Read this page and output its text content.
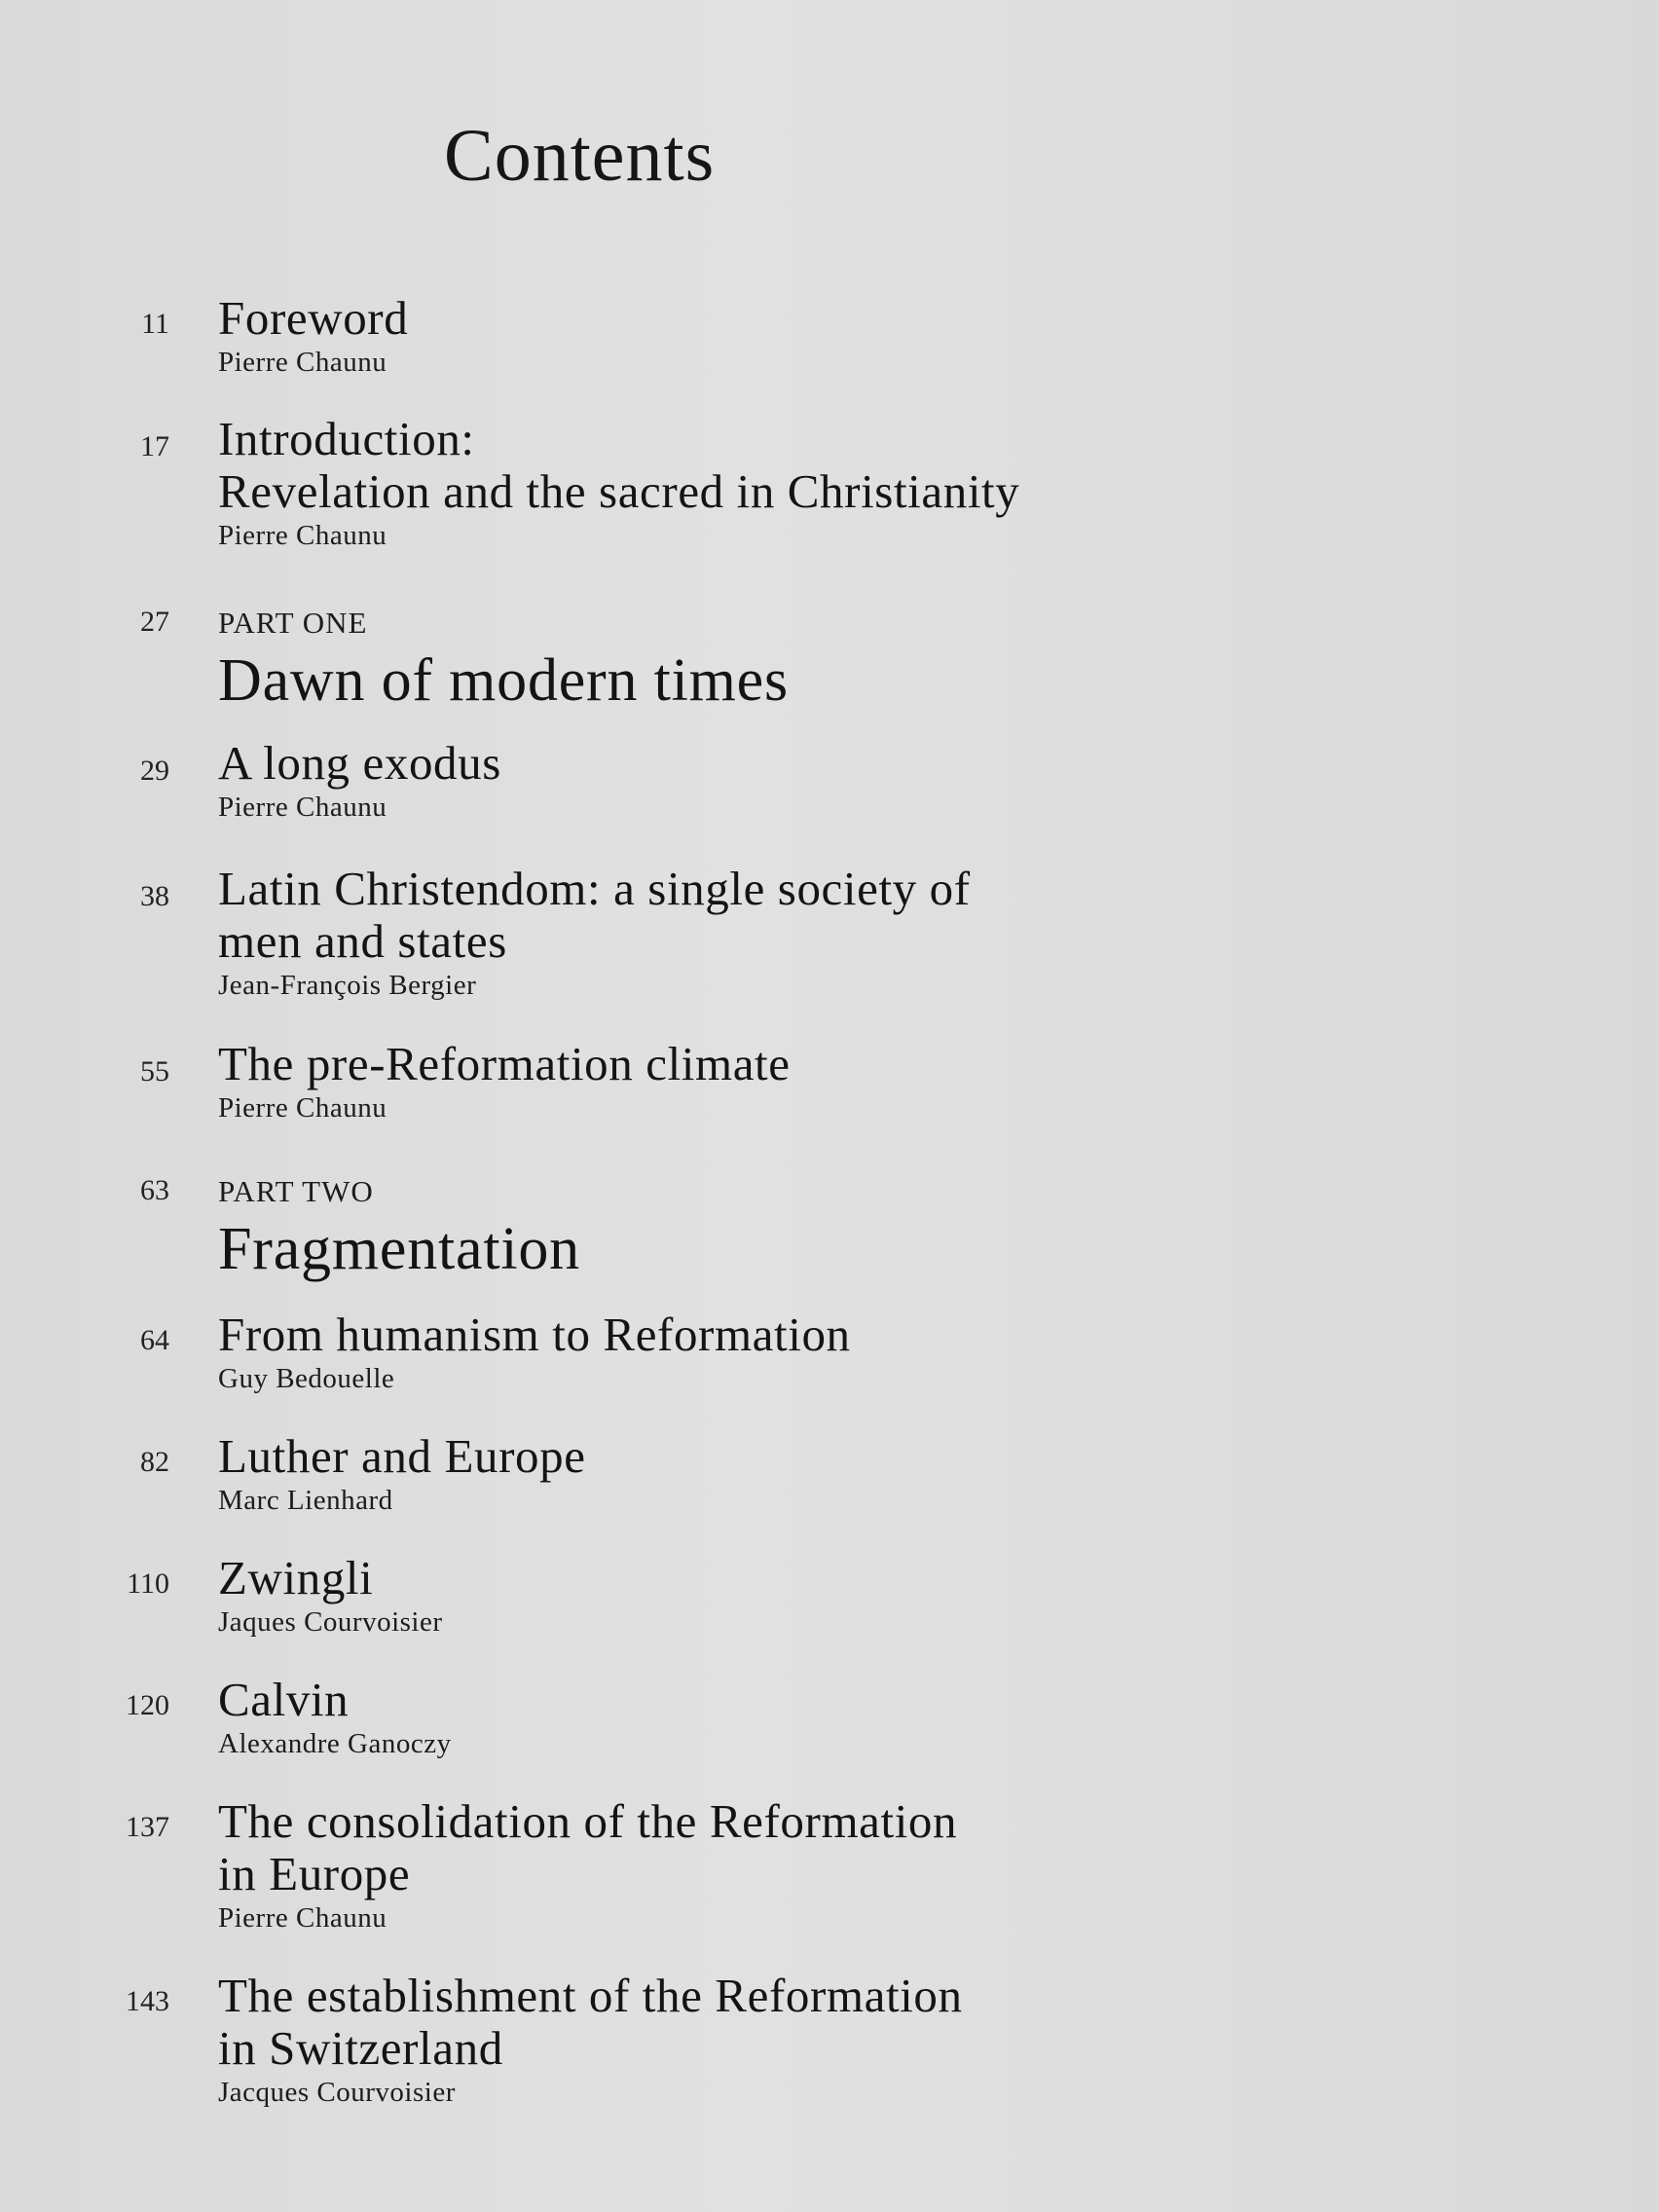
Contents
11 Foreword
Pierre Chaunu
17 Introduction:
Revelation and the sacred in Christianity
Pierre Chaunu
27 PART ONE
Dawn of modern times
29 A long exodus
Pierre Chaunu
38 Latin Christendom: a single society of
men and states
Jean-François Bergier
55 The pre-Reformation climate
Pierre Chaunu
63 PART TWO
Fragmentation
64 From humanism to Reformation
Guy Bedouelle
82 Luther and Europe
Marc Lienhard
110 Zwingli
Jaques Courvoisier
120 Calvin
Alexandre Ganoczy
137 The consolidation of the Reformation
in Europe
Pierre Chaunu
143 The establishment of the Reformation
in Switzerland
Jacques Courvoisier
